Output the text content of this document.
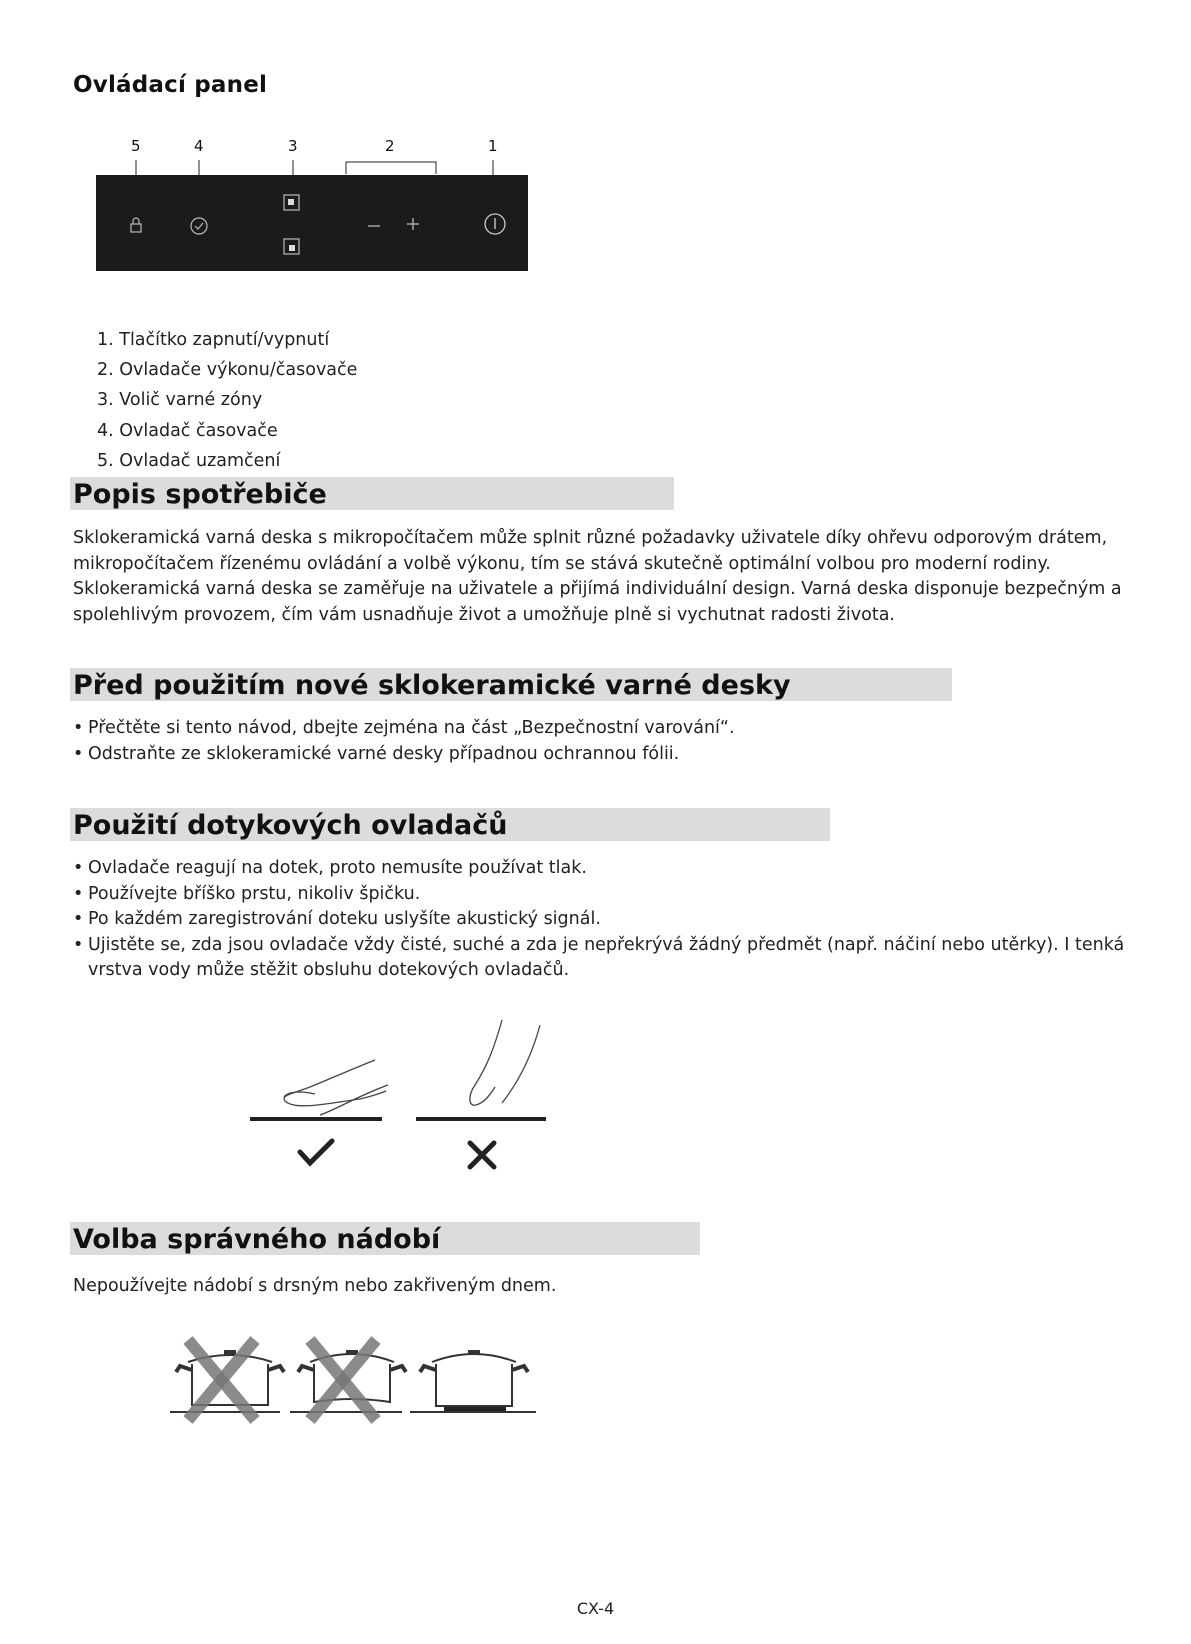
Ovládací panel
5	4	3	2	1
1. Tlačítko zapnutí/vypnutí
2. Ovladače výkonu/časovače
3. Volič varné zóny
4. Ovladač časovače
5. Ovladač uzamčení
Popis spotřebiče

Sklokeramická varná deska s mikropočítačem může splnit různé požadavky uživatele díky ohřevu odporovým drátem, mikropočítačem řízenému ovládání a volbě výkonu, tím se stává skutečně optimální volbou pro moderní rodiny. Sklokeramická varná deska se zaměřuje na uživatele a přijímá individuální design. Varná deska disponuje bezpečným a spolehlivým provozem, čím vám usnadňuje život a umožňuje plně si vychutnat radosti života.

Před použitím nové sklokeramické varné desky
• Přečtěte si tento návod, dbejte zejména na část „Bezpečnostní varování“.
• Odstraňte ze sklokeramické varné desky případnou ochrannou fólii.
Použití dotykových ovladačů
• Ovladače reagují na dotek, proto nemusíte používat tlak.
• Používejte bříško prstu, nikoliv špičku.
• Po každém zaregistrování doteku uslyšíte akustický signál.
• Ujistěte se, zda jsou ovladače vždy čisté, suché a zda je nepřekrývá žádný předmět (např. náčiní nebo utěrky). I tenká vrstva vody může stěžit obsluhu dotekových ovladačů.
Volba správného nádobí

Nepoužívejte nádobí s drsným nebo zakřiveným dnem.

CX-4
